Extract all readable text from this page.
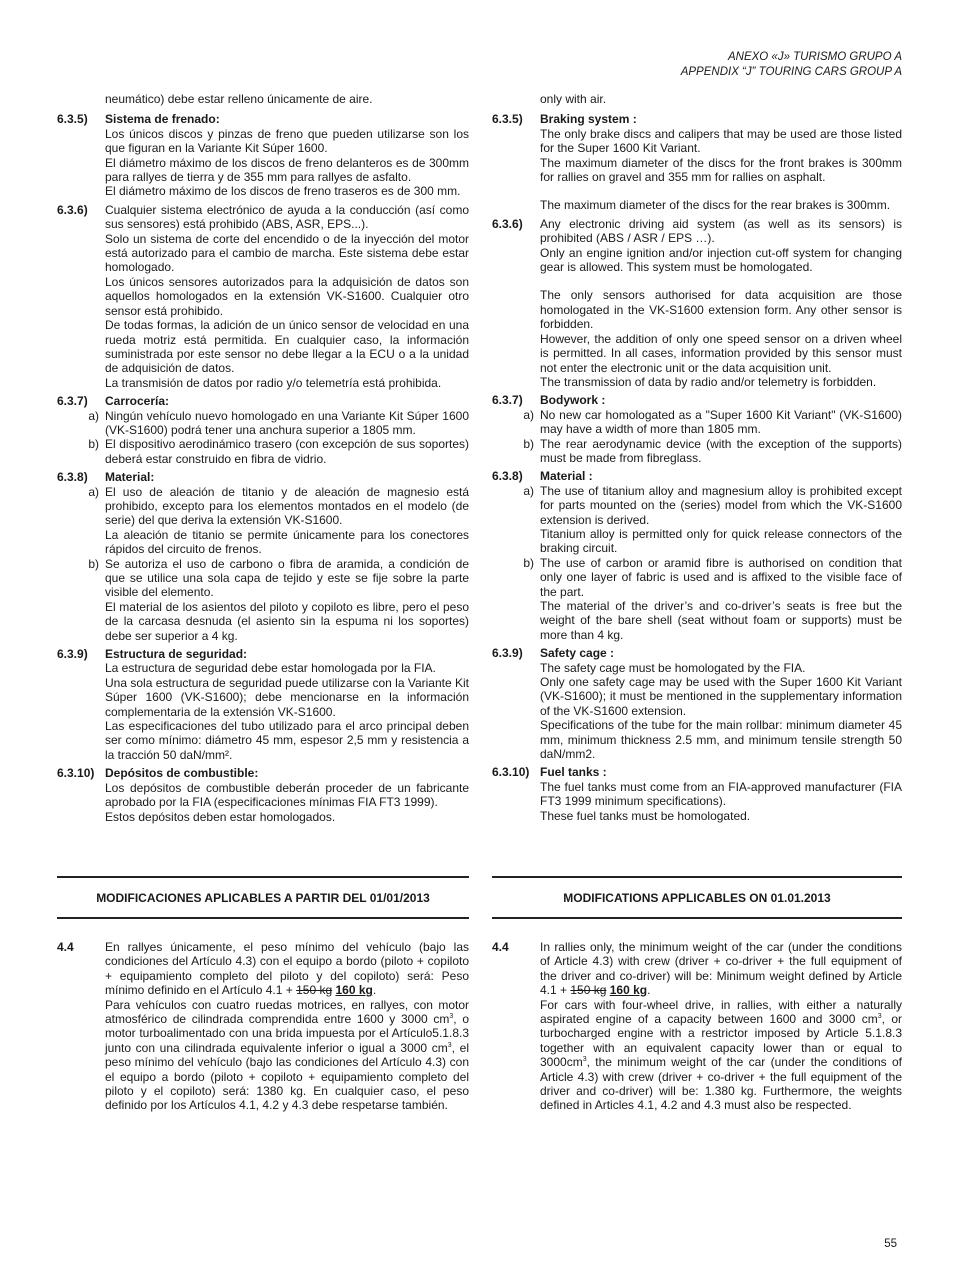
ANEXO «J» TURISMO GRUPO A
APPENDIX “J” TOURING CARS GROUP A

neumático) debe estar relleno únicamente de aire.

6.3.5)	Sistema de frenado:

Los únicos discos y pinzas de freno que pueden utilizarse son los que figuran en la Variante Kit Súper 1600.

El diámetro máximo de los discos de freno delanteros es de 300mm para rallyes de tierra y de 355 mm para rallyes de asfalto.

El diámetro máximo de los discos de freno traseros es de 300 mm.

6.3.6)	Cualquier sistema electrónico de ayuda a la conducción (así como sus sensores) está prohibido (ABS, ASR, EPS...).

Solo un sistema de corte del encendido o de la inyección del motor está autorizado para el cambio de marcha. Este sistema debe estar homologado.

Los únicos sensores autorizados para la adquisición de datos son aquellos homologados en la extensión VK-S1600. Cualquier otro sensor está prohibido.

De todas formas, la adición de un único sensor de velocidad en una rueda motriz está permitida. En cualquier caso, la información suministrada por este sensor no debe llegar a la ECU o a la unidad de adquisición de datos.

La transmisión de datos por radio y/o telemetría está prohibida.

6.3.7)	Carrocería:
a) Ningún vehículo nuevo homologado en una Variante Kit Súper 1600 (VK-S1600) podrá tener una anchura superior a 1805 mm.
b) El dispositivo aerodinámico trasero (con excepción de sus soportes) deberá estar construido en fibra de vidrio.
6.3.8)	Material:
a) El uso de aleación de titanio y de aleación de magnesio está prohibido, excepto para los elementos montados en el modelo (de serie) del que deriva la extensión VK-S1600.

La aleación de titanio se permite únicamente para los conectores rápidos del circuito de frenos.

b) Se autoriza el uso de carbono o fibra de aramida, a condición de que se utilice una sola capa de tejido y este se fije sobre la parte visible del elemento.

El material de los asientos del piloto y copiloto es libre, pero el peso de la carcasa desnuda (el asiento sin la espuma ni los soportes) debe ser superior a 4 kg.

6.3.9)	Estructura de seguridad:

La estructura de seguridad debe estar homologada por la FIA.

Una sola estructura de seguridad puede utilizarse con la Variante Kit Súper 1600 (VK-S1600); debe mencionarse en la información complementaria de la extensión VK-S1600.

Las especificaciones del tubo utilizado para el arco principal deben ser como mínimo: diámetro 45 mm, espesor 2,5 mm y resistencia a la tracción 50 daN/mm².

6.3.10) Depósitos de combustible:

Los depósitos de combustible deberán proceder de un fabricante aprobado por la FIA (especificaciones mínimas FIA FT3 1999).

Estos depósitos deben estar homologados.

only with air.

6.3.5)	Braking system :

The only brake discs and calipers that may be used are those listed for the Super 1600 Kit Variant.

The maximum diameter of the discs for the front brakes is 300mm for rallies on gravel and 355 mm for rallies on asphalt.

The maximum diameter of the discs for the rear brakes is 300mm.

6.3.6)	Any electronic driving aid system (as well as its sensors) is prohibited (ABS / ASR / EPS …).

Only an engine ignition and/or injection cut-off system for changing gear is allowed. This system must be homologated.

The only sensors authorised for data acquisition are those homologated in the VK-S1600 extension form. Any other sensor is forbidden.

However, the addition of only one speed sensor on a driven wheel is permitted. In all cases, information provided by this sensor must not enter the electronic unit or the data acquisition unit.

The transmission of data by radio and/or telemetry is forbidden.

6.3.7)	Bodywork :
a) No new car homologated as a "Super 1600 Kit Variant" (VK-S1600) may have a width of more than 1805 mm.
b) The rear aerodynamic device (with the exception of the supports) must be made from fibreglass.
6.3.8)	Material :
a) The use of titanium alloy and magnesium alloy is prohibited except for parts mounted on the (series) model from which the VK-S1600 extension is derived.

Titanium alloy is permitted only for quick release connectors of the braking circuit.

b) The use of carbon or aramid fibre is authorised on condition that only one layer of fabric is used and is affixed to the visible face of the part.

The material of the driver’s and co-driver’s seats is free but the weight of the bare shell (seat without foam or supports) must be more than 4 kg.

6.3.9)	Safety cage :

The safety cage must be homologated by the FIA.

Only one safety cage may be used with the Super 1600 Kit Variant (VK-S1600); it must be mentioned in the supplementary information of the VK-S1600 extension.

Specifications of the tube for the main rollbar: minimum diameter 45 mm, minimum thickness 2.5 mm, and minimum tensile strength 50 daN/mm2.

6.3.10) Fuel tanks :

The fuel tanks must come from an FIA-approved manufacturer (FIA FT3 1999 minimum specifications).

These fuel tanks must be homologated.

MODIFICACIONES APLICABLES A PARTIR DEL 01/01/2013	MODIFICATIONS APPLICABLES ON 01.01.2013
4.4	En rallyes únicamente, el peso mínimo del vehículo (bajo las condiciones del Artículo 4.3) con el equipo a bordo (piloto + copiloto + equipamiento completo del piloto y del copiloto) será: Peso mínimo definido en el Artículo 4.1 + 150 kg 160 kg.

Para vehículos con cuatro ruedas motrices, en rallyes, con motor atmosférico de cilindrada comprendida entre 1600 y 3000 $cm^3$, o motor turboalimentado con una brida impuesta por el Artículo5.1.8.3 junto con una cilindrada equivalente inferior o igual a 3000 $cm^3$, el peso mínimo del vehículo (bajo las condiciones del Artículo 4.3) con el equipo a bordo (piloto + copiloto + equipamiento completo del piloto y el copiloto) será: 1380 kg. En cualquier caso, el peso definido por los Artículos 4.1, 4.2 y 4.3 debe respetarse también.

4.4	In rallies only, the minimum weight of the car (under the conditions of Article 4.3) with crew (driver + co-driver + the full equipment of the driver and co-driver) will be: Minimum weight defined by Article 4.1 + 150 kg 160 kg.

For cars with four-wheel drive, in rallies, with either a naturally aspirated engine of a capacity between 1600 and 3000 $cm^3$, or turbocharged engine with a restrictor imposed by Article 5.1.8.3 together with an equivalent capacity lower than or equal to $3000cm^3$, the minimum weight of the car (under the conditions of Article 4.3) with crew (driver + co-driver + the full equipment of the driver and co-driver) will be: 1.380 kg. Furthermore, the weights defined in Articles 4.1, 4.2 and 4.3 must also be respected.

55
